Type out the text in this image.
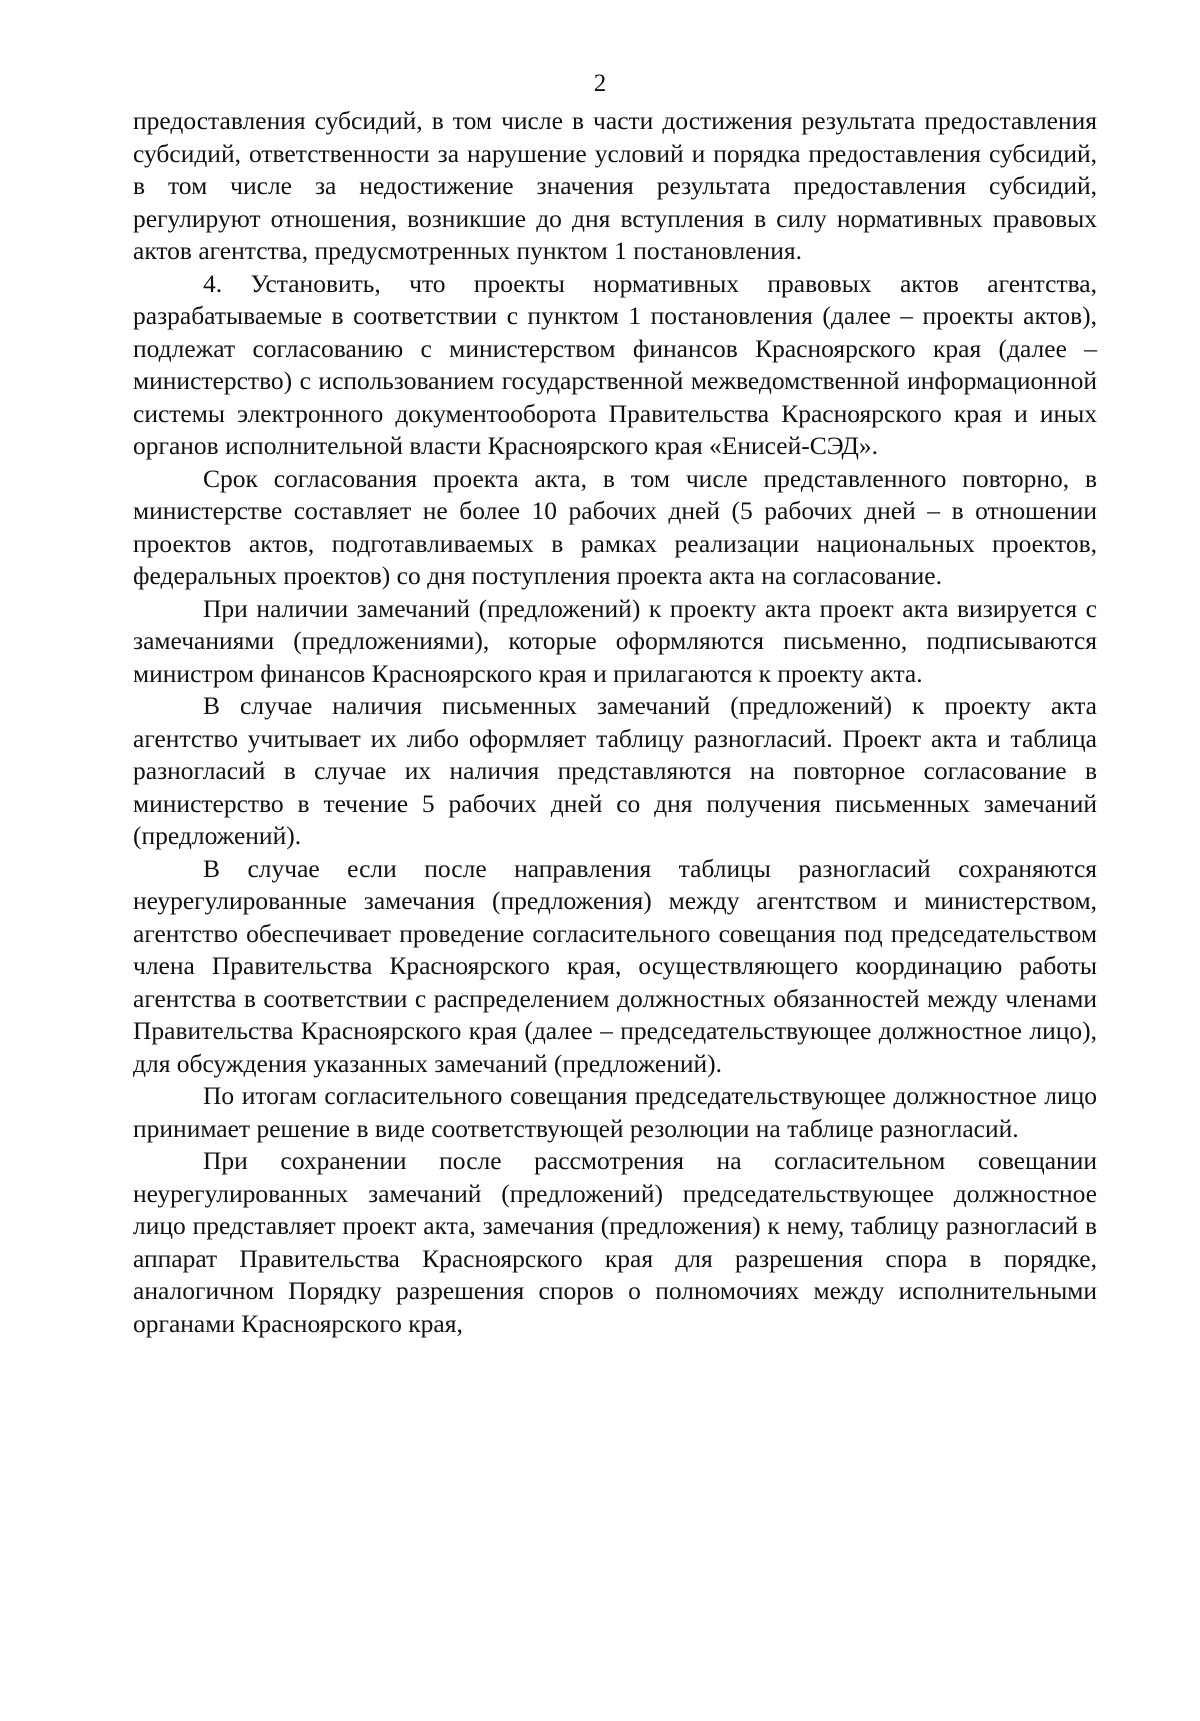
2

предоставления субсидий, в том числе в части достижения результата предоставления субсидий, ответственности за нарушение условий и порядка предоставления субсидий, в том числе за недостижение значения результата предоставления субсидий, регулируют отношения, возникшие до дня вступления в силу нормативных правовых актов агентства, предусмотренных пунктом 1 постановления.

4. Установить, что проекты нормативных правовых актов агентства, разрабатываемые в соответствии с пунктом 1 постановления (далее – проекты актов), подлежат согласованию с министерством финансов Красноярского края (далее – министерство) с использованием государственной межведомственной информационной системы электронного документооборота Правительства Красноярского края и иных органов исполнительной власти Красноярского края «Енисей-СЭД».

Срок согласования проекта акта, в том числе представленного повторно, в министерстве составляет не более 10 рабочих дней (5 рабочих дней – в отношении проектов актов, подготавливаемых в рамках реализации национальных проектов, федеральных проектов) со дня поступления проекта акта на согласование.

При наличии замечаний (предложений) к проекту акта проект акта визируется с замечаниями (предложениями), которые оформляются письменно, подписываются министром финансов Красноярского края и прилагаются к проекту акта.

В случае наличия письменных замечаний (предложений) к проекту акта агентство учитывает их либо оформляет таблицу разногласий. Проект акта и таблица разногласий в случае их наличия представляются на повторное согласование в министерство в течение 5 рабочих дней со дня получения письменных замечаний (предложений).

В случае если после направления таблицы разногласий сохраняются неурегулированные замечания (предложения) между агентством и министерством, агентство обеспечивает проведение согласительного совещания под председательством члена Правительства Красноярского края, осуществляющего координацию работы агентства в соответствии с распределением должностных обязанностей между членами Правительства Красноярского края (далее – председательствующее должностное лицо), для обсуждения указанных замечаний (предложений).

По итогам согласительного совещания председательствующее должностное лицо принимает решение в виде соответствующей резолюции на таблице разногласий.

При сохранении после рассмотрения на согласительном совещании неурегулированных замечаний (предложений) председательствующее должностное лицо представляет проект акта, замечания (предложения) к нему, таблицу разногласий в аппарат Правительства Красноярского края для разрешения спора в порядке, аналогичном Порядку разрешения споров о полномочиях между исполнительными органами Красноярского края,
